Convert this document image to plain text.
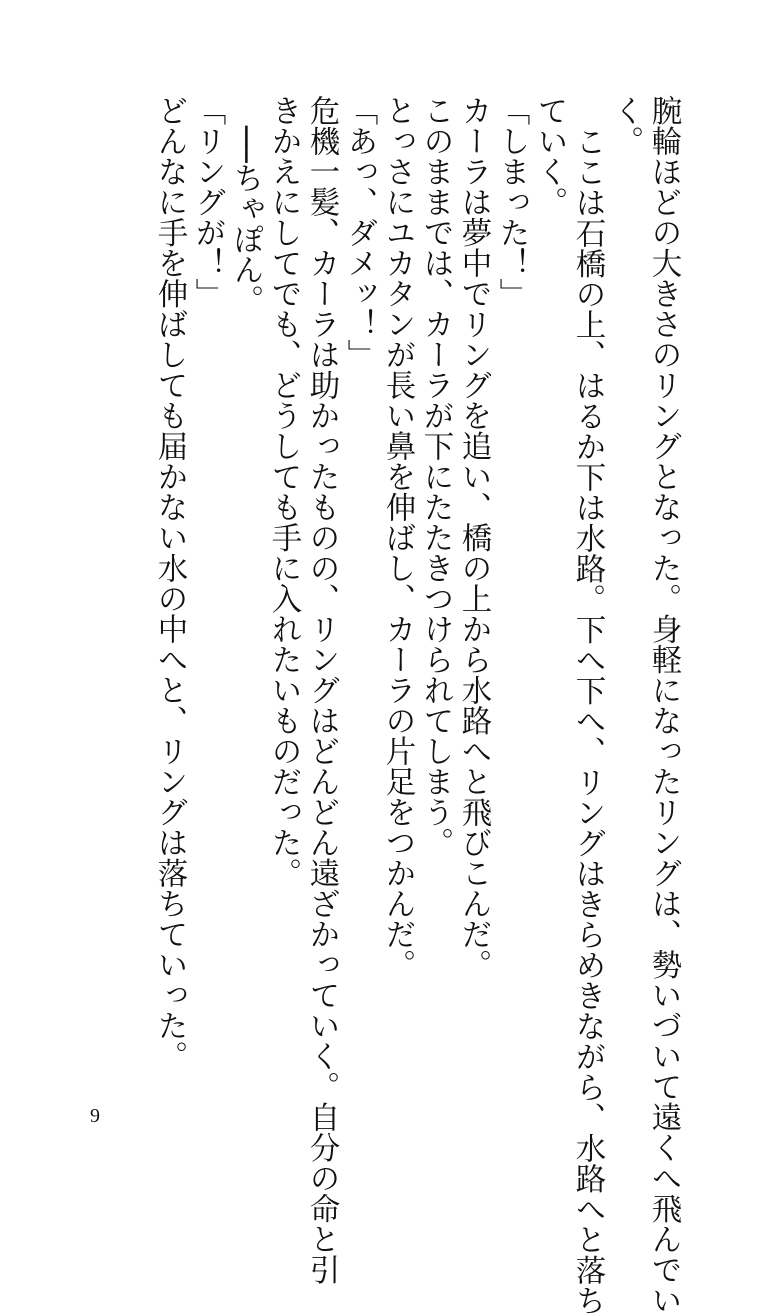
腕輪ほどの大きさのリングとなった。身軽になったリングは、勢いづいて遠くへ飛んでい

く。

ここは石橋の上、はるか下は水路。下へ下へ、リングはきらめきながら、水路へと落ち

ていく。

「しまった！」

カーラは夢中でリングを追い、橋の上から水路へと飛びこんだ。

このままでは、カーラが下にたたきつけられてしまう。

とっさにユカタンが長い鼻を伸ばし、カーラの片足をつかんだ。

「あっ、ダメッ！」

危機一髪、カーラは助かったものの、リングはどんどん遠ざかっていく。自分の命と引

きかえにしてでも、どうしても手に入れたいものだった。

──ちゃぽん。

「リングが！」

どんなに手を伸ばしても届かない水の中へと、リングは落ちていった。

9
